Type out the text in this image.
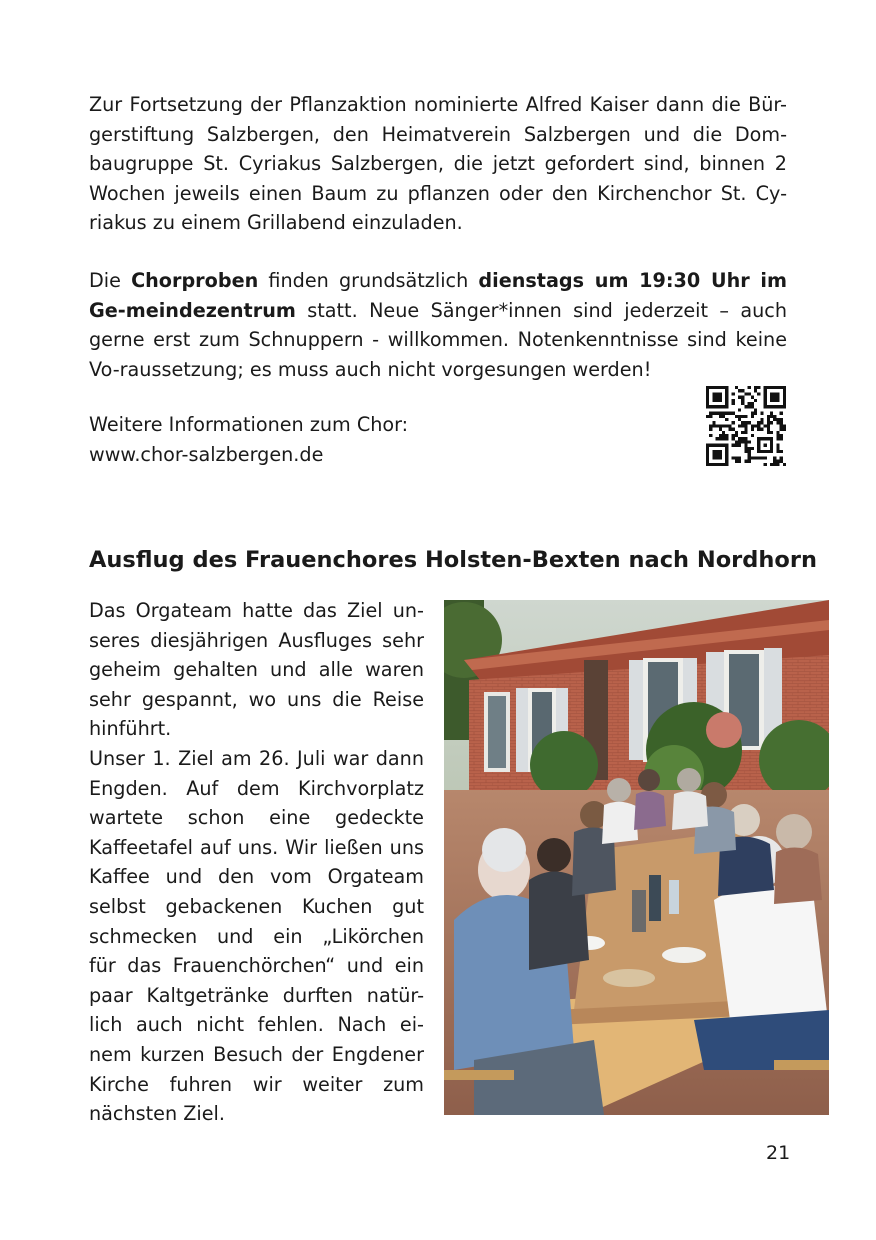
Zur Fortsetzung der Pflanzaktion nominierte Alfred Kaiser dann die Bür-gerstiftung Salzbergen, den Heimatverein Salzbergen und die Dom-baugruppe St. Cyriakus Salzbergen, die jetzt gefordert sind, binnen 2 Wochen jeweils einen Baum zu pflanzen oder den Kirchenchor St. Cy-riakus zu einem Grillabend einzuladen.

Die Chorproben finden grundsätzlich dienstags um 19:30 Uhr im Ge-meindezentrum statt. Neue Sänger*innen sind jederzeit – auch gerne erst zum Schnuppern - willkommen. Notenkenntnisse sind keine Vo-raussetzung; es muss auch nicht vorgesungen werden!

Weitere Informationen zum Chor:
www.chor-salzbergen.de

Ausflug des Frauenchores Holsten-Bexten nach Nordhorn
Das Orgateam hatte das Ziel un-
seres diesjährigen Ausfluges sehr
geheim gehalten und alle waren
sehr gespannt, wo uns die Reise
hinführt.
Unser 1. Ziel am 26. Juli war dann
Engden. Auf dem Kirchvorplatz
wartete schon eine gedeckte
Kaffeetafel auf uns. Wir ließen uns
Kaffee und den vom Orgateam
selbst gebackenen Kuchen gut
schmecken und ein „Likörchen
für das Frauenchörchen“ und ein
paar Kaltgetränke durften natür-
lich auch nicht fehlen. Nach ei-
nem kurzen Besuch der Engdener
Kirche fuhren wir weiter zum
nächsten Ziel.
21
